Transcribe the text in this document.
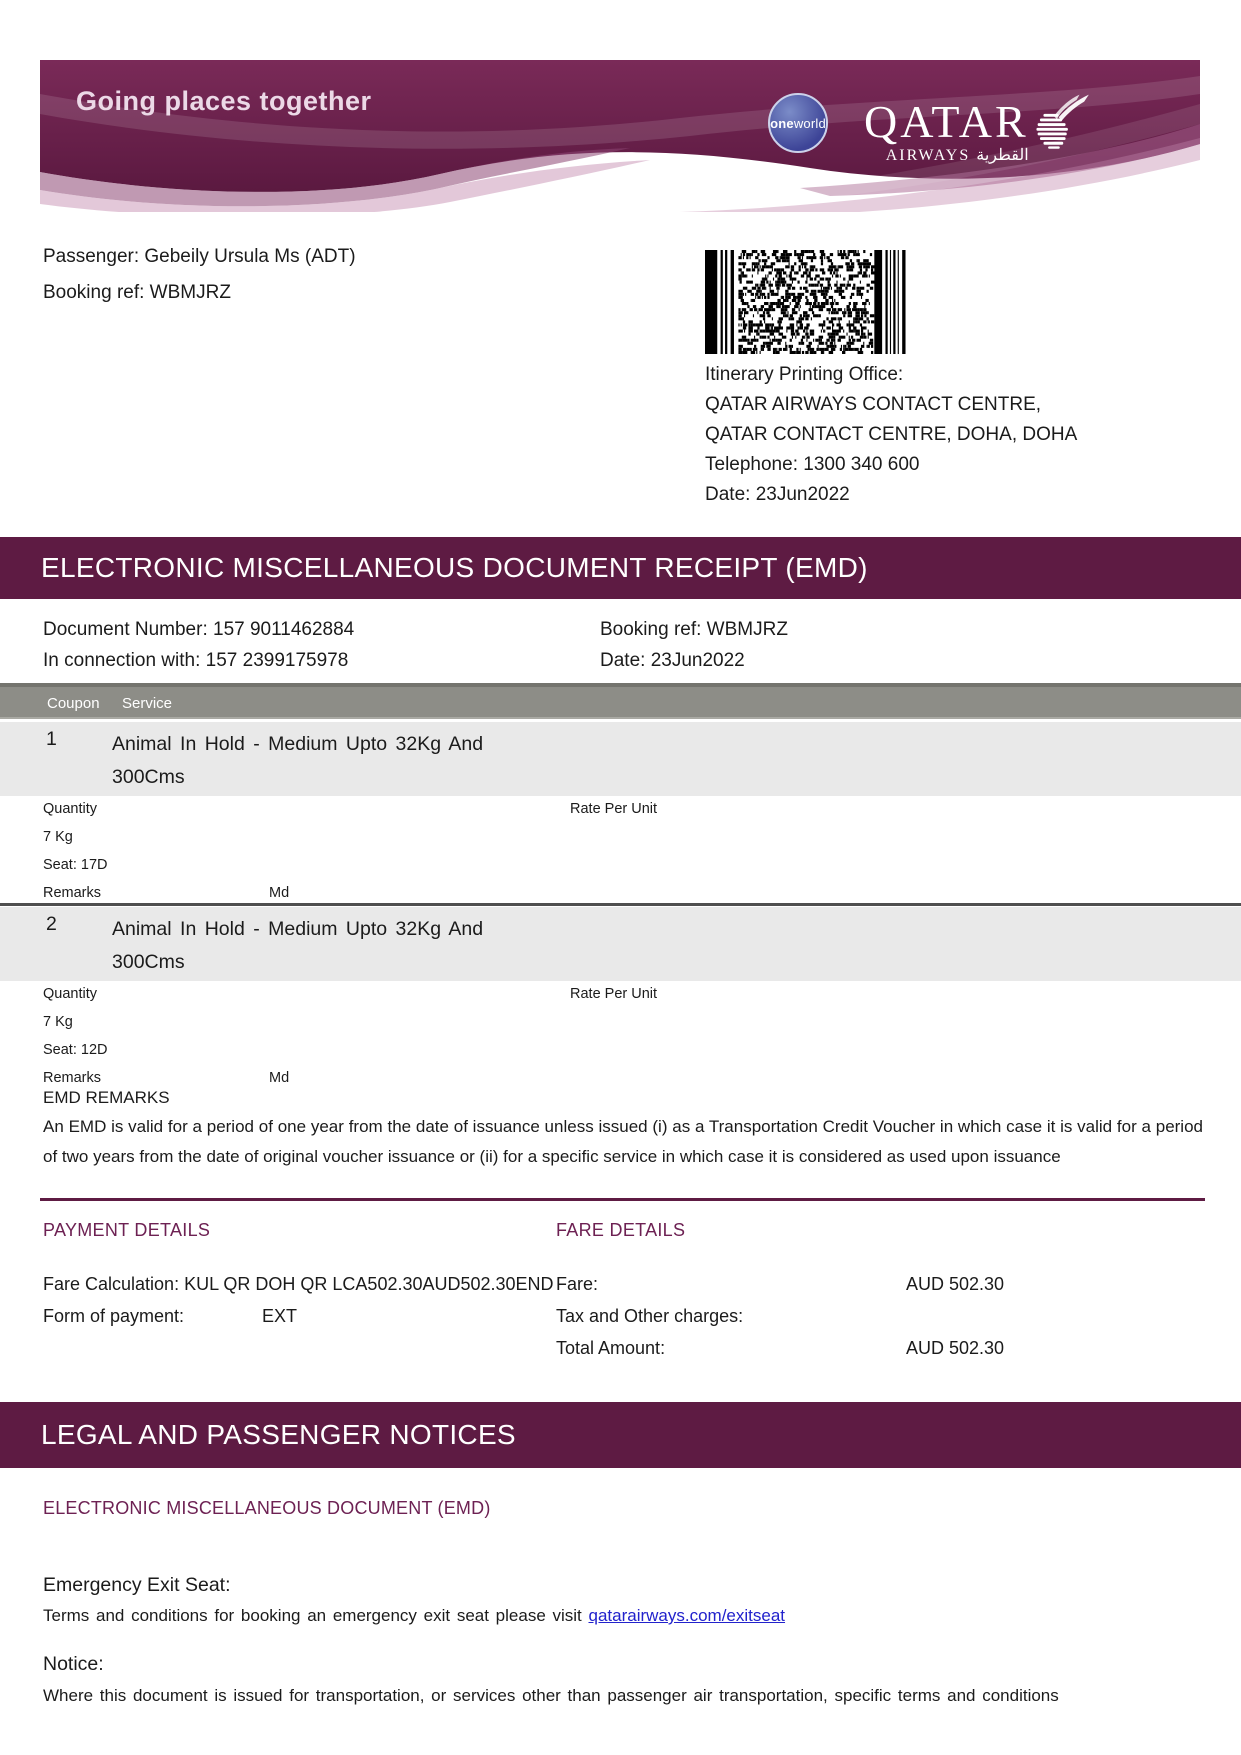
Going places together
oneworld QATAR
AIRWAYS القطرية
Passenger: Gebeily Ursula Ms (ADT)
Booking ref: WBMJRZ
Itinerary Printing Office:
QATAR AIRWAYS CONTACT CENTRE,
QATAR CONTACT CENTRE, DOHA, DOHA
Telephone: 1300 340 600
Date: 23Jun2022
ELECTRONIC MISCELLANEOUS DOCUMENT RECEIPT (EMD)
Document Number: 157 9011462884
In connection with: 157 2399175978
Booking ref: WBMJRZ
Date: 23Jun2022
Coupon Service
1	Animal In Hold - Medium Upto 32Kg And
300Cms
Quantity	Rate Per Unit
7 Kg
Seat: 17D
Remarks	Md
2	Animal In Hold - Medium Upto 32Kg And
300Cms
Quantity	Rate Per Unit
7 Kg
Seat: 12D
Remarks	Md
EMD REMARKS
An EMD is valid for a period of one year from the date of issuance unless issued (i) as a Transportation Credit Voucher in which case it is valid for a period of two years from the date of original voucher issuance or (ii) for a specific service in which case it is considered as used upon issuance
PAYMENT DETAILS	FARE DETAILS
Fare Calculation: KUL QR DOH QR LCA502.30AUD502.30END
Form of payment:	EXT
Fare:	AUD 502.30
Tax and Other charges:
Total Amount:	AUD 502.30
LEGAL AND PASSENGER NOTICES
ELECTRONIC MISCELLANEOUS DOCUMENT (EMD)
Emergency Exit Seat:
Terms and conditions for booking an emergency exit seat please visit qatarairways.com/exitseat
Notice:
Where this document is issued for transportation, or services other than passenger air transportation, specific terms and conditions
